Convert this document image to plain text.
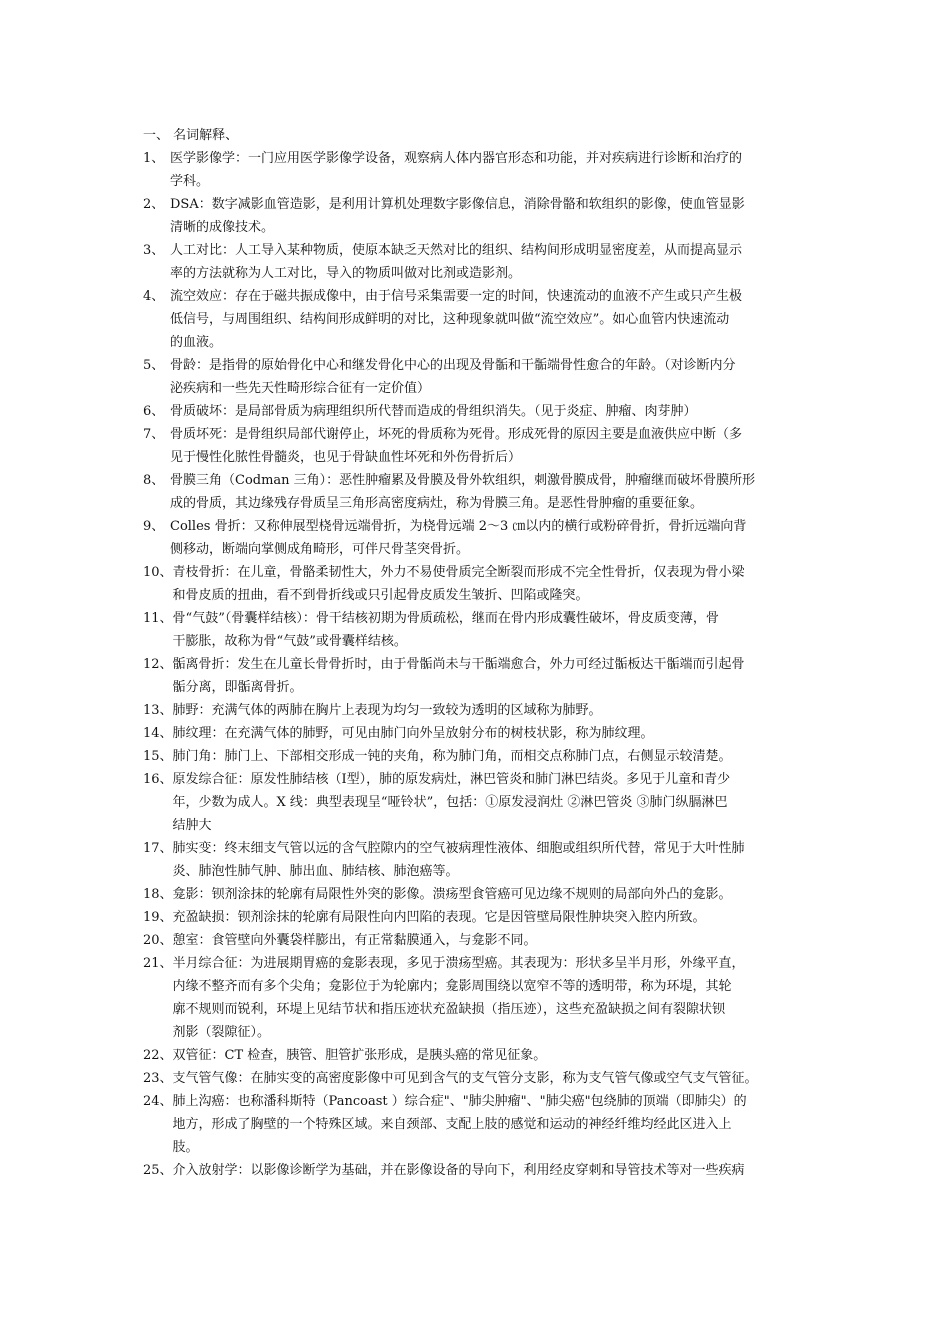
一、 名词解释、
1、 医学影像学：一门应用医学影像学设备，观察病人体内器官形态和功能，并对疾病进行诊断和治疗的
学科。
2、 DSA：数字减影血管造影，是利用计算机处理数字影像信息，消除骨骼和软组织的影像，使血管显影
清晰的成像技术。
3、 人工对比：人工导入某种物质，使原本缺乏天然对比的组织、结构间形成明显密度差，从而提高显示
率的方法就称为人工对比，导入的物质叫做对比剂或造影剂。
4、 流空效应：存在于磁共振成像中，由于信号采集需要一定的时间，快速流动的血液不产生或只产生极
低信号，与周围组织、结构间形成鲜明的对比，这种现象就叫做“流空效应”。如心血管内快速流动
的血液。
5、 骨龄：是指骨的原始骨化中心和继发骨化中心的出现及骨骺和干骺端骨性愈合的年龄。（对诊断内分
泌疾病和一些先天性畸形综合征有一定价值）
6、 骨质破坏：是局部骨质为病理组织所代替而造成的骨组织消失。（见于炎症、肿瘤、肉芽肿）
7、 骨质坏死：是骨组织局部代谢停止，坏死的骨质称为死骨。形成死骨的原因主要是血液供应中断（多
见于慢性化脓性骨髓炎，也见于骨缺血性坏死和外伤骨折后）
8、 骨膜三角（Codman 三角）：恶性肿瘤累及骨膜及骨外软组织，刺激骨膜成骨，肿瘤继而破坏骨膜所形
成的骨质，其边缘残存骨质呈三角形高密度病灶，称为骨膜三角。是恶性骨肿瘤的重要征象。
9、 Colles 骨折：又称伸展型桡骨远端骨折，为桡骨远端 2～3 ㎝以内的横行或粉碎骨折，骨折远端向背
侧移动，断端向掌侧成角畸形，可伴尺骨茎突骨折。
10、 青枝骨折：在儿童，骨骼柔韧性大，外力不易使骨质完全断裂而形成不完全性骨折，仅表现为骨小梁
和骨皮质的扭曲，看不到骨折线或只引起骨皮质发生皱折、凹陷或隆突。
11、 骨“气鼓”（骨囊样结核）：骨干结核初期为骨质疏松，继而在骨内形成囊性破坏，骨皮质变薄，骨
干膨胀，故称为骨“气鼓”或骨囊样结核。
12、 骺离骨折：发生在儿童长骨骨折时，由于骨骺尚未与干骺端愈合，外力可经过骺板达干骺端而引起骨
骺分离，即骺离骨折。
13、 肺野：充满气体的两肺在胸片上表现为均匀一致较为透明的区域称为肺野。
14、 肺纹理：在充满气体的肺野，可见由肺门向外呈放射分布的树枝状影，称为肺纹理。
15、 肺门角：肺门上、下部相交形成一钝的夹角，称为肺门角，而相交点称肺门点，右侧显示较清楚。
16、 原发综合征：原发性肺结核（Ⅰ型），肺的原发病灶，淋巴管炎和肺门淋巴结炎。多见于儿童和青少
年，少数为成人。X 线：典型表现呈“哑铃状”，包括：①原发浸润灶 ②淋巴管炎 ③肺门纵膈淋巴
结肿大
17、 肺实变：终末细支气管以远的含气腔隙内的空气被病理性液体、细胞或组织所代替，常见于大叶性肺
炎、肺泡性肺气肿、肺出血、肺结核、肺泡癌等。
18、 龛影：钡剂涂抹的轮廓有局限性外突的影像。溃疡型食管癌可见边缘不规则的局部向外凸的龛影。
19、 充盈缺损：钡剂涂抹的轮廓有局限性向内凹陷的表现。它是因管壁局限性肿块突入腔内所致。
20、 憩室：食管壁向外囊袋样膨出，有正常黏膜通入，与龛影不同。
21、 半月综合征：为进展期胃癌的龛影表现，多见于溃疡型癌。其表现为：形状多呈半月形，外缘平直，
内缘不整齐而有多个尖角；龛影位于为轮廓内；龛影周围绕以宽窄不等的透明带，称为环堤，其轮
廓不规则而锐利，环堤上见结节状和指压迹状充盈缺损（指压迹），这些充盈缺损之间有裂隙状钡
剂影（裂隙征）。
22、 双管征：CT 检查，胰管、胆管扩张形成，是胰头癌的常见征象。
23、 支气管气像：在肺实变的高密度影像中可见到含气的支气管分支影，称为支气管气像或空气支气管征。
24、 肺上沟癌：也称潘科斯特（Pancoast ）综合症"、"肺尖肿瘤"、"肺尖癌"包绕肺的顶端（即肺尖）的
地方，形成了胸壁的一个特殊区域。来自颈部、支配上肢的感觉和运动的神经纤维均经此区进入上
肢。
25、 介入放射学：以影像诊断学为基础，并在影像设备的导向下，利用经皮穿刺和导管技术等对一些疾病
